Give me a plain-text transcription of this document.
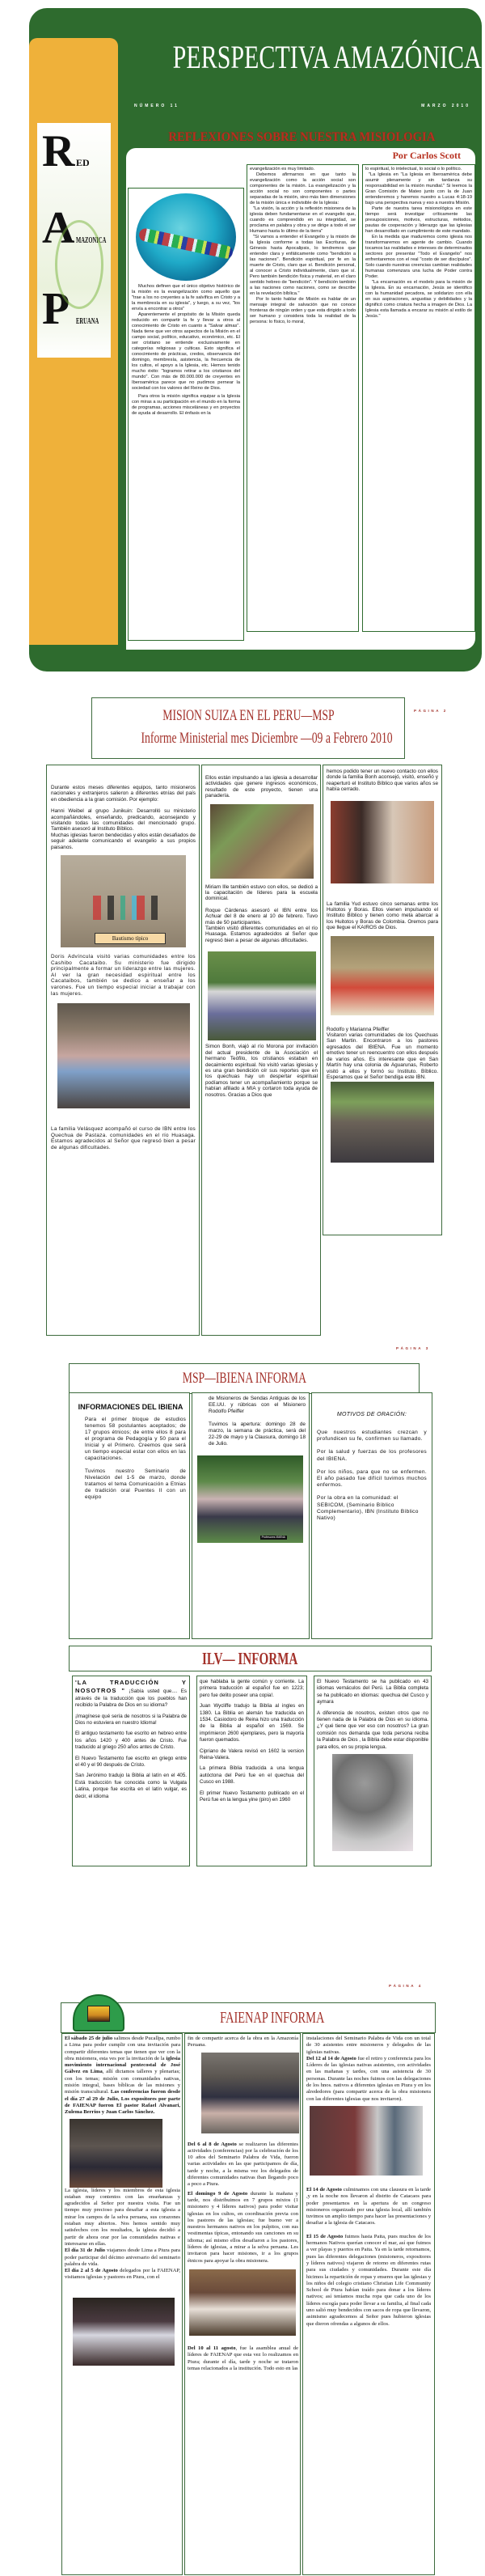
PERSPECTIVA AMAZÓNICA
NÚMERO 11	MARZO 2010
REFLEXIONES SOBRE NUESTRA MISIOLOGIA
R ED
A MAZONICA
P ERUANA
Por Carlos Scott

Muchos definen que el único objetivo histórico de la misión es la evangelización como aquello que "trae a los no creyentes a la fe salvífica en Cristo y a la membresía en su iglesia", y luego, a su vez, "los envía a encontrar a otros"

Aparentemente el propósito de la Misión queda reducido en compartir la fe y llevar a otros al conocimiento de Cristo en cuanto a "Salvar almas". Nada tiene que ver otros aspectos de la Misión en el campo social, político, educativo, económico, etc. El ser cristiano se entiende exclusivamente en categorías religiosas y culticas. Esto significa el conocimiento de prácticas, credos, observancia del domingo, membresía, asistencia, la frecuencia de los cultos, el apoyo a la Iglesia, etc. Hemos tenido mucho éxito: "logramos retirar a los cristianos del mundo". Con más de 80.000.000 de creyentes en Iberoamérica parece que no pudimos pernear la sociedad con los valores del Reino de Dios.

Para otros la misión significa equipar a la Iglesia con miras a su participación en el mundo en la forma de programas, acciones misceláneas y en proyectos de ayuda al desarrollo. El énfasis en la

evangelización es muy limitado.

Debemos afirmarnos en que tanto la evangelización como la acción social son componentes de la misión. La evangelización y la acción social no son componentes o partes separadas de la misión, sino más bien dimensiones de la misión única e indivisible de la Iglesia:

"La visión, la acción y la reflexión misionera de la iglesia deben fundamentarse en el evangelio que, cuando es comprendido en su integridad, se proclama en palabra y obra y se dirige a todo el ser Humano hasta lo último de la tierra"

"Si vamos a entender el Evangelio y la misión de la Iglesia conforme a todas las Escrituras, de Génesis hasta Apocalipsis, lo tendremos que entender clara y enfáticamente como "bendición a las naciones". Bendición espiritual, por fe en la muerte de Cristo, claro que sí. Bendición personal, al conocer a Cristo individualmente, claro que sí. Pero también bendición física y material, en el claro sentido hebreo de "bendición". Y bendición también a las naciones como naciones, como se describe en la revelación bíblica."

Por lo tanto hablar de Misión es hablar de un mensaje integral de salvación que no conoce fronteras de ningún orden y que esta dirigido a todo ser humano y considera toda la realidad de la persona: lo físico, lo moral,

lo espiritual, lo intelectual, lo social o lo político.

"La Iglesia en "La Iglesia en Iberoamérica debe asumir plenamente y sin tardanza su responsabilidad en la misión mundial." Si leemos la Gran Comisión de Mateo junto con la de Juan entenderemos y haremos nuestro a Lucas 4:18-19 bajo una perspectiva nueva y eso a nuestra Misión.

Parte de nuestra tarea misionológica en este tiempo será investigar críticamente las presuposiciones, motivos, estructuras, métodos, pautas de cooperación y liderazgo que las iglesias han desarrollado en cumplimiento de este mandato.

En la medida que maduremos como iglesia nos transformaremos en agente de cambio. Cuando tocamos las realidades e intereses de determinados sectores por presentar "Todo el Evangelio" nos enfrentaremos con el real "costo de ser discípulos". Solo cuando nuestras creencias cambian realidades humanas comenzara una lucha de Poder contra Poder.

"La encarnación es el modelo para la misión de la Iglesia. En su encarnación, Jesús se identifico con la humanidad pecadora, se solidarizo con ella en sus aspiraciones, angustias y debilidades y la dignificó como criatura hecha a imagen de Dios. La Iglesia esta llamada a encarar su misión al estilo de Jesús."

PÁGINA 2
MISION SUIZA EN EL PERU—MSP
Informe Ministerial mes Diciembre —09 a Febrero 2010

Durante estos meses diferentes equipos, tanto misioneros nacionales y extranjeros salieron a diferentes etnías del país en obediencia a la gran comisión. Por ejemplo:

Hanni Weibel al grupo Junikuin: Desarrolló su ministerio acompañándoles, enseñando, predicando, aconsejando y visitando todas las comunidades del mencionado grupo. También asesoró al Instituto Bíblico.
Muchas iglesias fueron bendecidas y ellos están desafiados de seguir adelante comunicando el evangelio a sus propios paisanos.

Bautismo típico

Doris Advíncula visitó varias comunidades entre los Cashibo Cacataibo. Su ministerio fue dirigido principalmente a formar un liderazgo entre las mujeres. Al ver la gran necesidad espiritual entre los Cacataibos, también se dedico a enseñar a los varones. Fue un tiempo especial iniciar a trabajar con las mujeres.

La familia Velásquez acompañó el curso de IBN entre los Quechua de Pastaza. comunidades en el río Huasaga. Estamos agradecidos al Señor que regresó bien a pesar de algunas dificultades.

Ellos están impulsando a las iglesia a desarrollar actividades que genere ingresos económicos, resultado de este proyecto, tienen una panadería.

Miriam Ille también estuvo con ellos, se dedicó a la capacitación de líderes para la escuela dominical.

Roque Cárdenas asesoró el IBN entre los Achuar del 8 de enero al 10 de febrero. Tuvo más de 50 participantes.
También visitó diferentes comunidades en el río Huasaga. Estamos agradecidos al Señor que regresó bien a pesar de algunas dificultades.

Simon Bonh, viajó al río Morona por invitación del actual presidente de la Asociación el hermano Teófilo, los cristianos estaban en decaimiento espiritual. No visitó varias iglesias y es una gran bendición oír sus reportes que en los quechuas hay un despertar espiritual podíamos tener un acompañamiento porque se habían afiliado a MIA y cortaron toda ayuda de nosotros. Gracias a Dios que

hemos podido tener un nuevo contacto con ellos donde la familia Bonh aconsejó, visitó, enseñó y reaperturó el Instituto Bíblico que varios años se había cerrado.

La familia Yud estuvo cinco semanas entre los Huitotos y Boras. Ellos vienen impulsando el Instituto Bíblico y tienen como meta abarcar a los Huitotos y Boras de Colombia. Oremos para que llegue el KAIROS de Dios.

Rodolfo y Marianna Pfeiffer
Visitaron varias comunidades de los Quechuas San Martin. Encontraron a los pastores egresados del IBIENA. Fue un momento emotivo tener un reencuentro con ellos después de varios años. Es interesante que en San Martín hay una colonia de Aguarunas, Roberto visitó a ellos y formó su Instituto. Bíblico. Esperamos que el Señor bendiga este IBN.

PÁGINA 3
MSP—IBIENA INFORMA
INFORMACIONES DEL IBIENA

Para el primer bloque de estudios tenemos 58 postulantes aceptados; de 17 grupos étnicos; de entre ellos 8 para el programa de Pedagogía y 50 para el Inicial y el Primero. Creemos que será un tiempo especial estar con ellos en las capacitaciones.

Tuvimos nuestro Seminario de Nivelación del 1-5 de marzo, donde tratamos el tema Comunicación a Etnias de tradición oral Puentes II con un equipo

de Misioneros de Sendas Antiguas de los EE.UU. y rúbricas con el Misionero Rodolfo Pfeiffer

Tuvimos la apertura: domingo 28 de marzo, la semana de práctica, será del 22-29 de mayo y la Clausura, domingo 18 de Julio.

Profesores IBIENA
MOTIVOS DE ORACIÓN:

Que nuestros estudiantes crezcan y profundicen su fe, confirmen su llamado.

Por la salud y fuerzas de los profesores del IBIENA.

Por los niños, para que no se enfermen. El año pasado fue difícil tuvimos muchos enfermos.

Por la obra en la comunidad: el SEBICOM, (Seminario Bíblico Complementario), IBN (Instituto Bíblico Nativo)

ILV— INFORMA

'LA TRADUCCIÓN Y NOSOTROS " ¡Sabía usted que.... Es através de la traducción que los pueblos han recibido la Palabra de Dios en su idioma?

¡Imagínese qué sería de nosotros si la Palabra de Dios no estuviera en nuestro Idioma!

El antiguo testamento fue escrito en hebreo entre los años 1420 y 400 antes de Cristo. Fue traducido al griego 250 años antes de Cristo.

El Nuevo Testamento fue escrito en griego entre el 40 y el 90 después de Cristo.

San Jerónimo tradujo la Biblia al latín en el 405. Está traducción fue conocida como la Vulgata Latina, porque fue escrita en el latín vulgar, es decir, el idioma

que hablaba la gente común y corriente. La primera traducción al español fue en 1223; pero fue delito poseer una copia!.

Juan Wycliffe tradujo la Biblia al ingles en 1380. La Biblia en alemán fue traducida en 1534. Casiodoro de Reina hizo una traducción de la Biblia al español en 1569. Se imprimieron 2600 ejemplares, pero la mayoría fueron quemados.

Cipriano de Valera revisó en 1602 la version Reina-Valera.

La primera Biblia traducida a una lengua autóctona del Perú fue en el quechua del Cusco en 1988.

El primer Nuevo Testamento publicado en el Perú fue en la lengua yine (piro) en 1960

El Nuevo Testamento se ha publicado en 43 idiomas vernáculos del Perú. La Biblia completa se ha publicado en idiomas: quechua del Cusco y aymara

A diferencia de nosotros, existen otros que no tienen nada de la Palabra de Dios en su idioma. ¿Y qué tiene que ver eso con nosotros? La gran comisión nos demanda que toda persona reciba la Palabra de Dios , la Biblia debe estar disponible para ellos, en su propia lengua.

PÁGINA 4
FAIENAP INFORMA

El sábado 25 de julio salimos desde Pucallpa, rumbo a Lima para poder cumplir con una invitación para compartir diferentes temas que tienen que ver con la obra misionera, esta ves por la invitación de la iglesia movimiento internacional pentecostal de José Gálvez en Lima, allí dictamos talleres y plenarias; con los temas; misión con comunidades nativas, misión integral, bases bíblicas de las misiones y misión transcultural. Las conferencias fueron desde el día 27 al 29 de Julio, Los expositores por parte de FAIENAP fueron El pastor Rafael Alvanari, Zulema Berrios y Juan Carlos Sánchez.

La iglesia, líderes y los miembros de esta iglesia estaban muy contentos con las enseñanzas y agradecidos al Señor por nuestra visita. Fue un tiempo muy precioso para desafiar a esta iglesia a mirar los campos de la selva peruana, sus corazones estaban muy abiertos. Nos hemos sentido muy satisfechos con los resultados, la iglesia decidió a partir de ahora orar por las comunidades nativas e interesarse en ellas.

El día 31 de Julio viajamos desde Lima a Piura para poder participar del décimo aniversario del seminario palabra de vida.

El día 2 al 5 de Agosto delegados por la FAIENAP, visitamos iglesias y pastores en Piura, con el

fin de compartir acerca de la obra en la Amazonía Peruana.

Del 6 al 8 de Agosto se realizaron las diferentes actividades (conferencias) por la celebración de los 10 años del Seminario Palabra de Vida, fueron varias actividades en las que participamos de día, tarde y noche, a la misma vez los delegados de diferentes comunidades nativas iban llegando poco a poco a Piura.

El domingo 9 de Agosto durante la mañana y tarde, nos distribuimos en 7 grupos mixtos (1 misionero y 4 líderes nativos) para poder visitar iglesias en los cultos, en coordinación previa con los pastores de las iglesias; fue bueno ver a nuestros hermanos nativos en los pulpitos, con sus vestimentas típicas, entonando sus canciones en su idioma; así mismo ellos desafiaron a los pastores, líderes de iglesias, a mirar a la selva peruana. Les invitaron para hacer misiones, ir a los grupos étnicos para apoyar la obra misionera.

Del 10 al 11 agosto, fue la asamblea anual de líderes de FAIENAP que esta vez lo realizamos en Piura; durante el día, tarde y noche se trataron temas relacionados a la institución. Todo esto en las

instalaciones del Seminario Palabra de Vida con un total de 30 asistentes entre misioneros y delegados de las iglesias nativas.

Del 12 al 14 de Agosto fue el retiro y conferencia para los Líderes de las iglesias nativas asistentes, con actividades en las mañanas y tardes, con una asistencia de 30 personas. Durante las noches fuimos con las delegaciones de los hnos. nativos a diferentes iglesias en Piura y en los alrededores (para compartir acerca de la obra misionera con las diferentes iglesias que nos invitaron).

El 14 de Agosto culminamos con una clausura en la tarde ,y en la noche nos llevaron al distrito de Catacaos para poder presentarnos en la apertura de un congreso misioneros organizado por una iglesia local, allí también tuvimos un amplio tiempo para hacer las presentaciones y desafiar a la iglesia de Catacaos.

El 15 de Agosto fuimos hasta Paita, pues muchos de los hermanos Nativos querían conocer el mar, así que fuimos a ver playas y puertos en Paita. Ya en la tarde retornamos, pues las diferentes delegaciones (misioneros, expositores y líderes nativos) viajaron de retorno en diferentes rutas para sus ciudades y comunidades. Durante este día hicimos la repartición de ropas y enseres que las iglesias y los niños del colegio cristiano Christian Life Community School de Piura habían traído para donar a los líderes nativos; así teníamos mucha ropa que cada uno de los líderes escogía para poder llevar a su familia, al final cada uno salió muy bendecidos con sacos de ropa que llevaron, asimismo agradecemos al Señor pues hubieron iglesias que dieron ofrendas a algunos de ellos.
